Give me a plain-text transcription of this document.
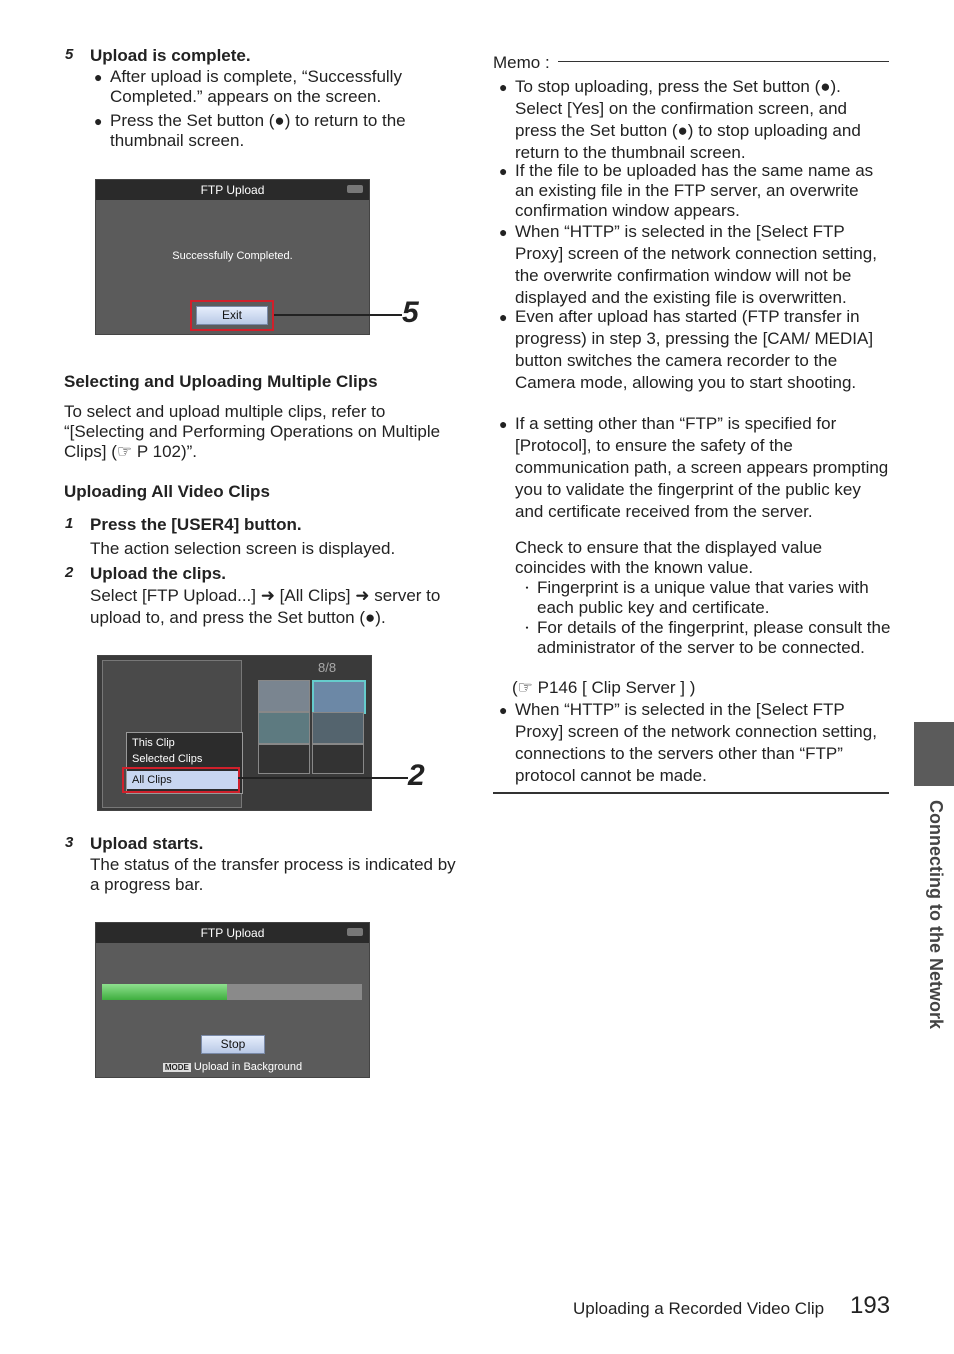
5 Upload is complete.
● After upload is complete, “Successfully Completed.” appears on the screen.
● Press the Set button (●) to return to the thumbnail screen.
FTP Upload
Successfully Completed.
Exit	5
Selecting and Uploading Multiple Clips
To select and upload multiple clips, refer to “[Selecting and Performing Operations on Multiple Clips] (☞ P 102)”.
Uploading All Video Clips
1 Press the [USER4] button.
The action selection screen is displayed.
2 Upload the clips.
Select [FTP Upload...] ➜ [All Clips] ➜ server to upload to, and press the Set button (●).
8/8
This Clip
Selected Clips
All Clips	2
3 Upload starts.
The status of the transfer process is indicated by a progress bar.
FTP Upload
Stop
MODE Upload in Background
Memo :
● To stop uploading, press the Set button (●). Select [Yes] on the confirmation screen, and press the Set button (●) to stop uploading and return to the thumbnail screen.
● If the file to be uploaded has the same name as an existing file in the FTP server, an overwrite confirmation window appears.
● When “HTTP” is selected in the [Select FTP Proxy] screen of the network connection setting, the overwrite confirmation window will not be displayed and the existing file is overwritten.
● Even after upload has started (FTP transfer in progress) in step 3, pressing the [CAM/ MEDIA] button switches the camera recorder to the Camera mode, allowing you to start shooting.
● If a setting other than “FTP” is specified for [Protocol], to ensure the safety of the communication path, a screen appears prompting you to validate the fingerprint of the public key and certificate received from the server.
Check to ensure that the displayed value coincides with the known value.
・ Fingerprint is a unique value that varies with each public key and certificate.
・ For details of the fingerprint, please consult the administrator of the server to be connected.
(☞ P146 [ Clip Server ] )
● When “HTTP” is selected in the [Select FTP Proxy] screen of the network connection setting, connections to the servers other than “FTP” protocol cannot be made.
Connecting to the Network
Uploading a Recorded Video Clip 193
